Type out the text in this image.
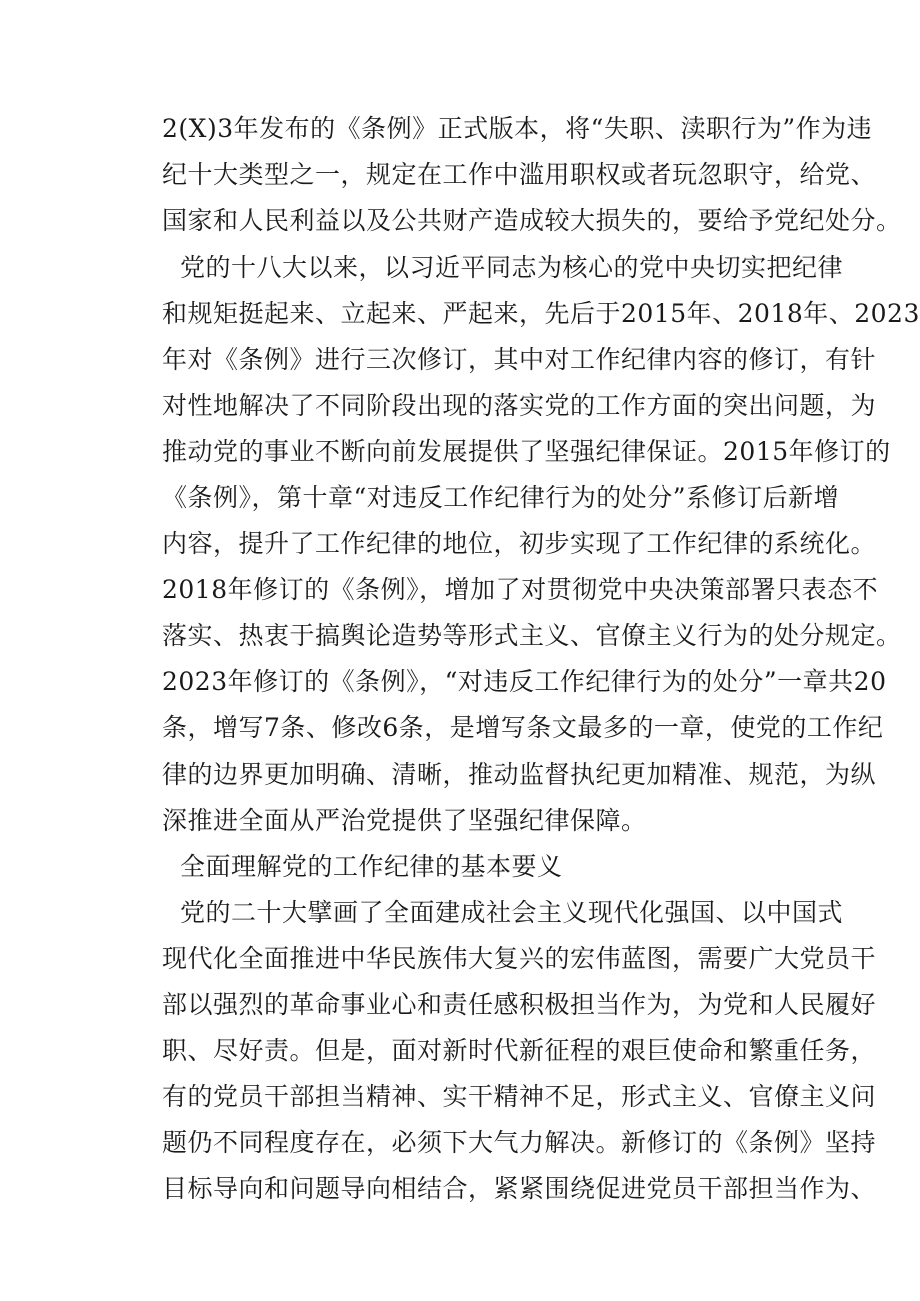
2(X)3年发布的《条例》正式版本，将“失职、渎职行为”作为违
纪十大类型之一，规定在工作中滥用职权或者玩忽职守，给党、
国家和人民利益以及公共财产造成较大损失的，要给予党纪处分。
党的十八大以来，以习近平同志为核心的党中央切实把纪律
和规矩挺起来、立起来、严起来，先后于2015年、2018年、2023
年对《条例》进行三次修订，其中对工作纪律内容的修订，有针
对性地解决了不同阶段出现的落实党的工作方面的突出问题，为
推动党的事业不断向前发展提供了坚强纪律保证。2015年修订的
《条例》，第十章“对违反工作纪律行为的处分”系修订后新增
内容，提升了工作纪律的地位，初步实现了工作纪律的系统化。
2018年修订的《条例》，增加了对贯彻党中央决策部署只表态不
落实、热衷于搞舆论造势等形式主义、官僚主义行为的处分规定。
2023年修订的《条例》，“对违反工作纪律行为的处分”一章共20
条，增写7条、修改6条，是增写条文最多的一章，使党的工作纪
律的边界更加明确、清晰，推动监督执纪更加精准、规范，为纵
深推进全面从严治党提供了坚强纪律保障。
全面理解党的工作纪律的基本要义
党的二十大擘画了全面建成社会主义现代化强国、以中国式
现代化全面推进中华民族伟大复兴的宏伟蓝图，需要广大党员干
部以强烈的革命事业心和责任感积极担当作为，为党和人民履好
职、尽好责。但是，面对新时代新征程的艰巨使命和繁重任务，
有的党员干部担当精神、实干精神不足，形式主义、官僚主义问
题仍不同程度存在，必须下大气力解决。新修订的《条例》坚持
目标导向和问题导向相结合，紧紧围绕促进党员干部担当作为、
